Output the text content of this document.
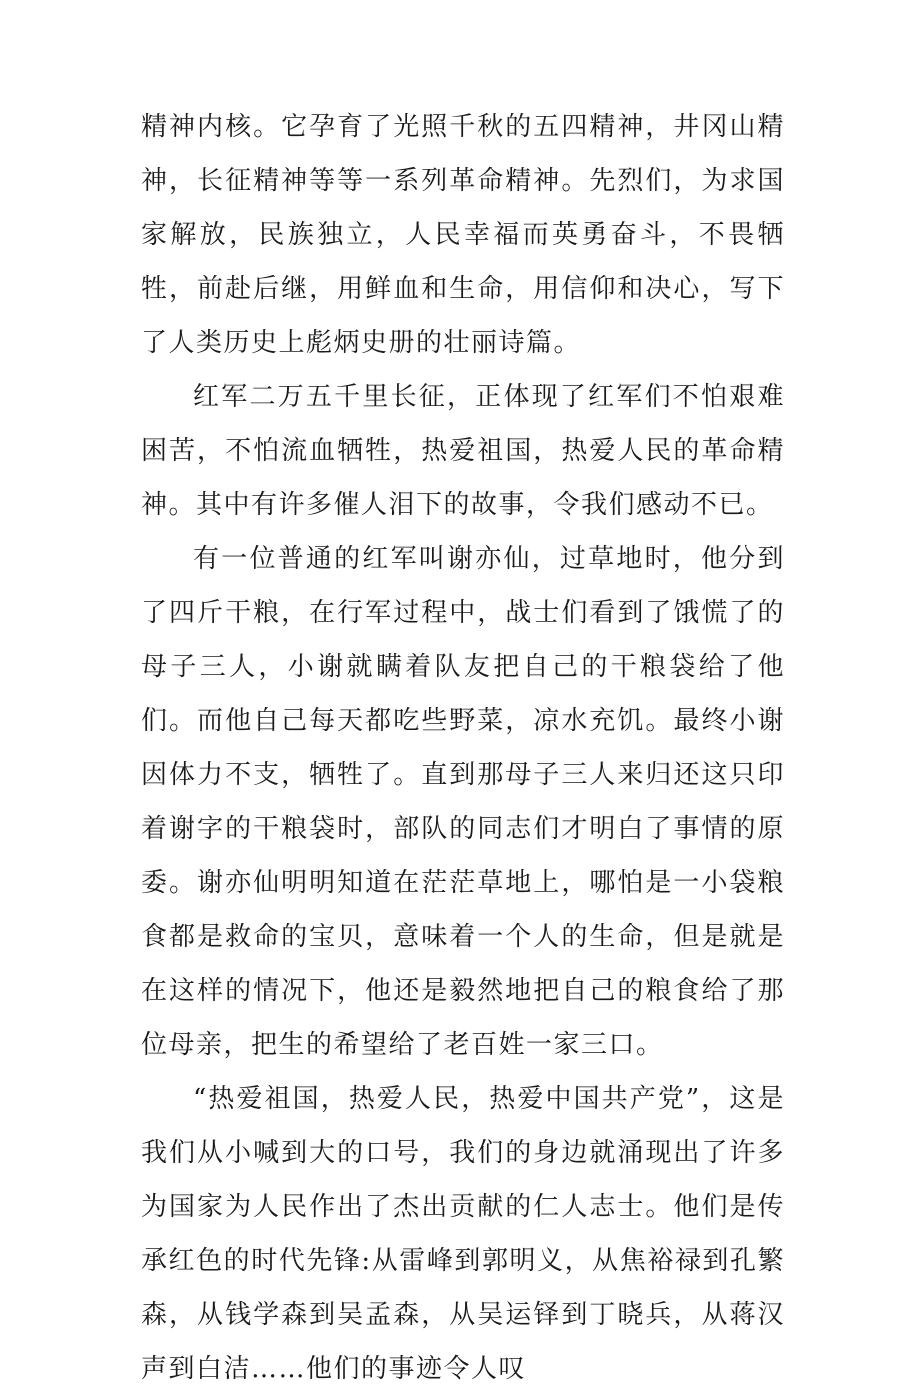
精神内核。它孕育了光照千秋的五四精神，井冈山精神，长征精神等等一系列革命精神。先烈们，为求国家解放，民族独立，人民幸福而英勇奋斗，不畏牺牲，前赴后继，用鲜血和生命，用信仰和决心，写下了人类历史上彪炳史册的壮丽诗篇。

红军二万五千里长征，正体现了红军们不怕艰难困苦，不怕流血牺牲，热爱祖国，热爱人民的革命精神。其中有许多催人泪下的故事，令我们感动不已。

有一位普通的红军叫谢亦仙，过草地时，他分到了四斤干粮，在行军过程中，战士们看到了饿慌了的母子三人，小谢就瞒着队友把自己的干粮袋给了他们。而他自己每天都吃些野菜，凉水充饥。最终小谢因体力不支，牺牲了。直到那母子三人来归还这只印着谢字的干粮袋时，部队的同志们才明白了事情的原委。谢亦仙明明知道在茫茫草地上，哪怕是一小袋粮食都是救命的宝贝，意味着一个人的生命，但是就是在这样的情况下，他还是毅然地把自己的粮食给了那位母亲，把生的希望给了老百姓一家三口。

“热爱祖国，热爱人民，热爱中国共产党”，这是我们从小喊到大的口号，我们的身边就涌现出了许多为国家为人民作出了杰出贡献的仁人志士。他们是传承红色的时代先锋:从雷峰到郭明义，从焦裕禄到孔繁森，从钱学森到吴孟森，从吴运铎到丁晓兵，从蒋汉声到白洁……他们的事迹令人叹
